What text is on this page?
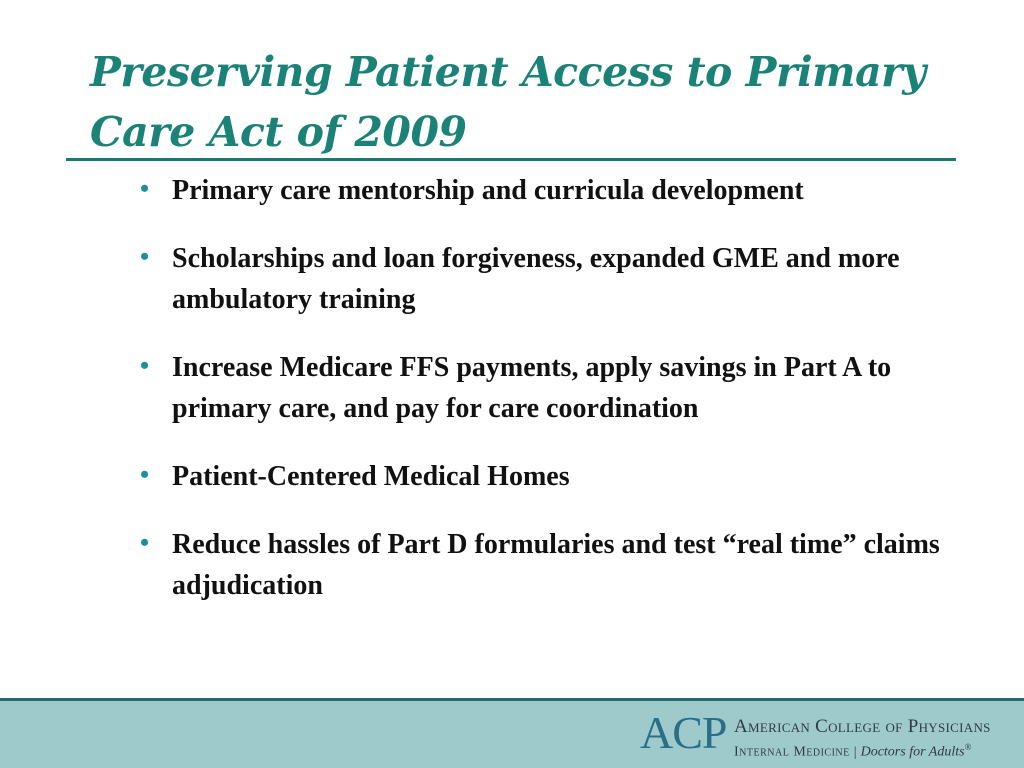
Preserving Patient Access to Primary Care Act of 2009
• Primary care mentorship and curricula development
• Scholarships and loan forgiveness, expanded GME and more ambulatory training
• Increase Medicare FFS payments, apply savings in Part A to primary care, and pay for care coordination
• Patient-Centered Medical Homes
• Reduce hassles of Part D formularies and test “real time” claims adjudication
ACP American College of Physicians
Internal Medicine | Doctors for Adults®
